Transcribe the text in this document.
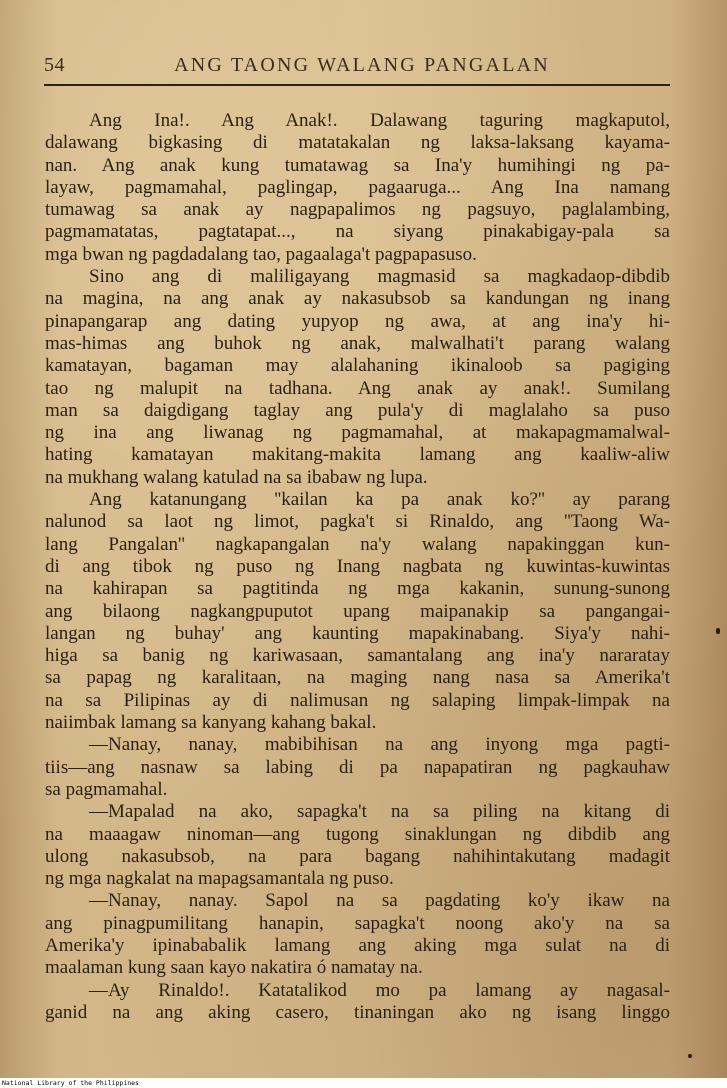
54	ANG TAONG WALANG PANGALAN
Ang Ina!. Ang Anak!. Dalawang taguring magkaputol,
dalawang bigkasing di matatakalan ng laksa-laksang kayama-
nan. Ang anak kung tumatawag sa Ina'y humihingi ng pa-
layaw, pagmamahal, paglingap, pagaaruga... Ang Ina namang
tumawag sa anak ay nagpapalimos ng pagsuyo, paglalambing,
pagmamatatas, pagtatapat..., na siyang pinakabigay-pala sa
mga bwan ng pagdadalang tao, pagaalaga't pagpapasuso.
Sino ang di maliligayang magmasid sa magkadaop-dibdib
na magina, na ang anak ay nakasubsob sa kandungan ng inang
pinapangarap ang dating yupyop ng awa, at ang ina'y hi-
mas-himas ang buhok ng anak, malwalhati't parang walang
kamatayan, bagaman may alalahaning ikinaloob sa pagiging
tao ng malupit na tadhana. Ang anak ay anak!. Sumilang
man sa daigdigang taglay ang pula'y di maglalaho sa puso
ng ina ang liwanag ng pagmamahal, at makapagmamalwal-
hating kamatayan makitang-makita lamang ang kaaliw-aliw
na mukhang walang katulad na sa ibabaw ng lupa.
Ang katanungang ''kailan ka pa anak ko?'' ay parang
nalunod sa laot ng limot, pagka't si Rinaldo, ang ''Taong Wa-
lang Pangalan'' nagkapangalan na'y walang napakinggan kun-
di ang tibok ng puso ng Inang nagbata ng kuwintas-kuwintas
na kahirapan sa pagtitinda ng mga kakanin, sunung-sunong
ang bilaong nagkangpuputot upang maipanakip sa pangangai-
langan ng buhay' ang kaunting mapakinabang. Siya'y nahi-
higa sa banig ng kariwasaan, samantalang ang ina'y nararatay
sa papag ng karalitaan, na maging nang nasa sa Amerika't
na sa Pilipinas ay di nalimusan ng salaping limpak-limpak na
naiimbak lamang sa kanyang kahang bakal.
—Nanay, nanay, mabibihisan na ang inyong mga pagti-
tiis—ang nasnaw sa labing di pa napapatiran ng pagkauhaw
sa pagmamahal.
—Mapalad na ako, sapagka't na sa piling na kitang di
na maaagaw ninoman—ang tugong sinaklungan ng dibdib ang
ulong nakasubsob, na para bagang nahihintakutang madagit
ng mga nagkalat na mapagsamantala ng puso.
—Nanay, nanay. Sapol na sa pagdating ko'y ikaw na
ang pinagpumilitang hanapin, sapagka't noong ako'y na sa
Amerika'y ipinababalik lamang ang aking mga sulat na di
maalaman kung saan kayo nakatira ó namatay na.
—Ay Rinaldo!. Katatalikod mo pa lamang ay nagasal-
ganid na ang aking casero, tinaningan ako ng isang linggo
National Library of the Philippines
